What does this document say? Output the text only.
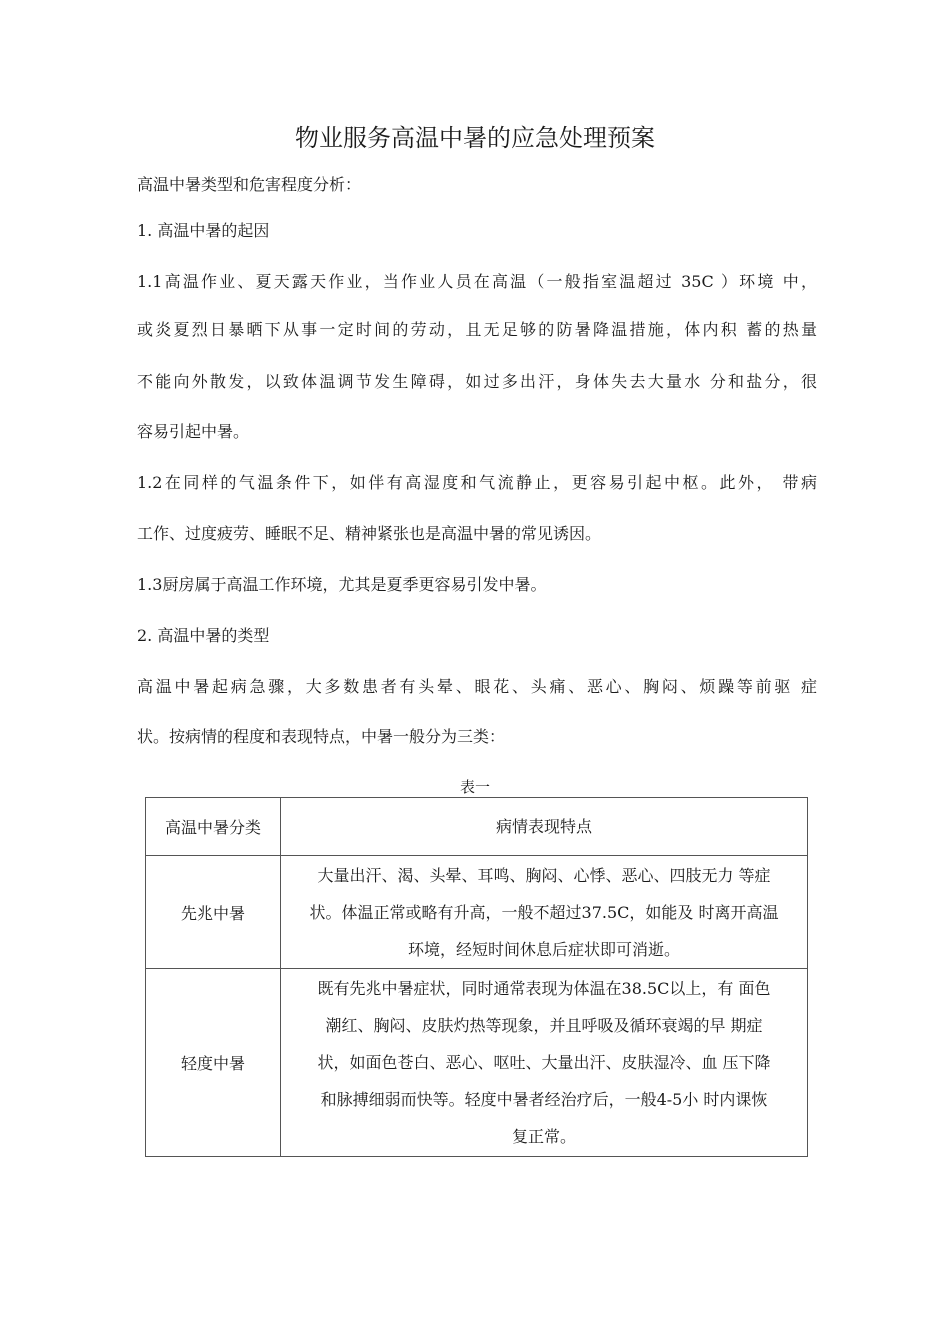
物业服务高温中暑的应急处理预案
高温中暑类型和危害程度分析：
1. 高温中暑的起因
1.1高温作业、夏天露天作业，当作业人员在高温（一般指室温超过 35C ）环境 中，
或炎夏烈日暴晒下从事一定时间的劳动，且无足够的防暑降温措施，体内积 蓄的热量
不能向外散发，以致体温调节发生障碍，如过多出汗，身体失去大量水 分和盐分，很
容易引起中暑。
1.2在同样的气温条件下，如伴有高湿度和气流静止，更容易引起中枢。此外， 带病
工作、过度疲劳、睡眠不足、精神紧张也是高温中暑的常见诱因。
1.3厨房属于高温工作环境，尤其是夏季更容易引发中暑。
2. 高温中暑的类型
高温中暑起病急骤，大多数患者有头晕、眼花、头痛、恶心、胸闷、烦躁等前驱 症
状。按病情的程度和表现特点，中暑一般分为三类：
表一
高温中暑分类	病情表现特点
先兆中暑	大量出汗、渴、头晕、耳鸣、胸闷、心悸、恶心、四肢无力 等症
状。体温正常或略有升高，一般不超过37.5C，如能及 时离开高温
环境，经短时间休息后症状即可消逝。

轻度中暑	既有先兆中暑症状，同时通常表现为体温在38.5C以上，有 面色
潮红、胸闷、皮肤灼热等现象，并且呼吸及循环衰竭的早 期症
状，如面色苍白、恶心、呕吐、大量出汗、皮肤湿冷、血 压下降
和脉搏细弱而快等。轻度中暑者经治疗后，一般4-5小 时内课恢
复正常。
